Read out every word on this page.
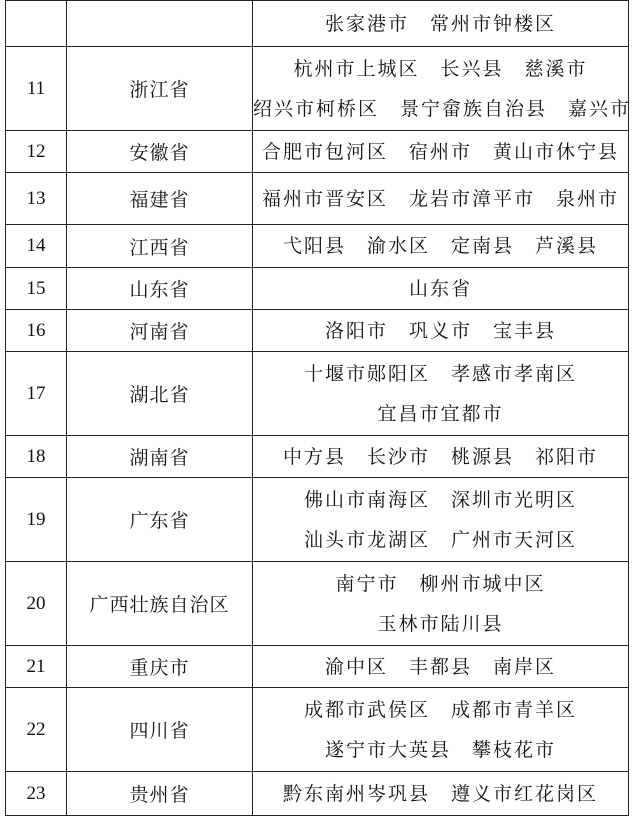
		张家港市　常州市钟楼区

11	浙江省	杭州市上城区　长兴县　慈溪市
绍兴市柯桥区　景宁畲族自治县　嘉兴市

12	安徽省	合肥市包河区　宿州市　黄山市休宁县

13	福建省	福州市晋安区　龙岩市漳平市　泉州市

14	江西省	弋阳县　渝水区　定南县　芦溪县

15	山东省	山东省

16	河南省	洛阳市　巩义市　宝丰县

17	湖北省	十堰市郧阳区　孝感市孝南区
宜昌市宜都市

18	湖南省	中方县　长沙市　桃源县　祁阳市

19	广东省	佛山市南海区　深圳市光明区
汕头市龙湖区　广州市天河区

20	广西壮族自治区	南宁市　柳州市城中区
玉林市陆川县

21	重庆市	渝中区　丰都县　南岸区

22	四川省	成都市武侯区　成都市青羊区
遂宁市大英县　攀枝花市

23	贵州省	黔东南州岑巩县　遵义市红花岗区
